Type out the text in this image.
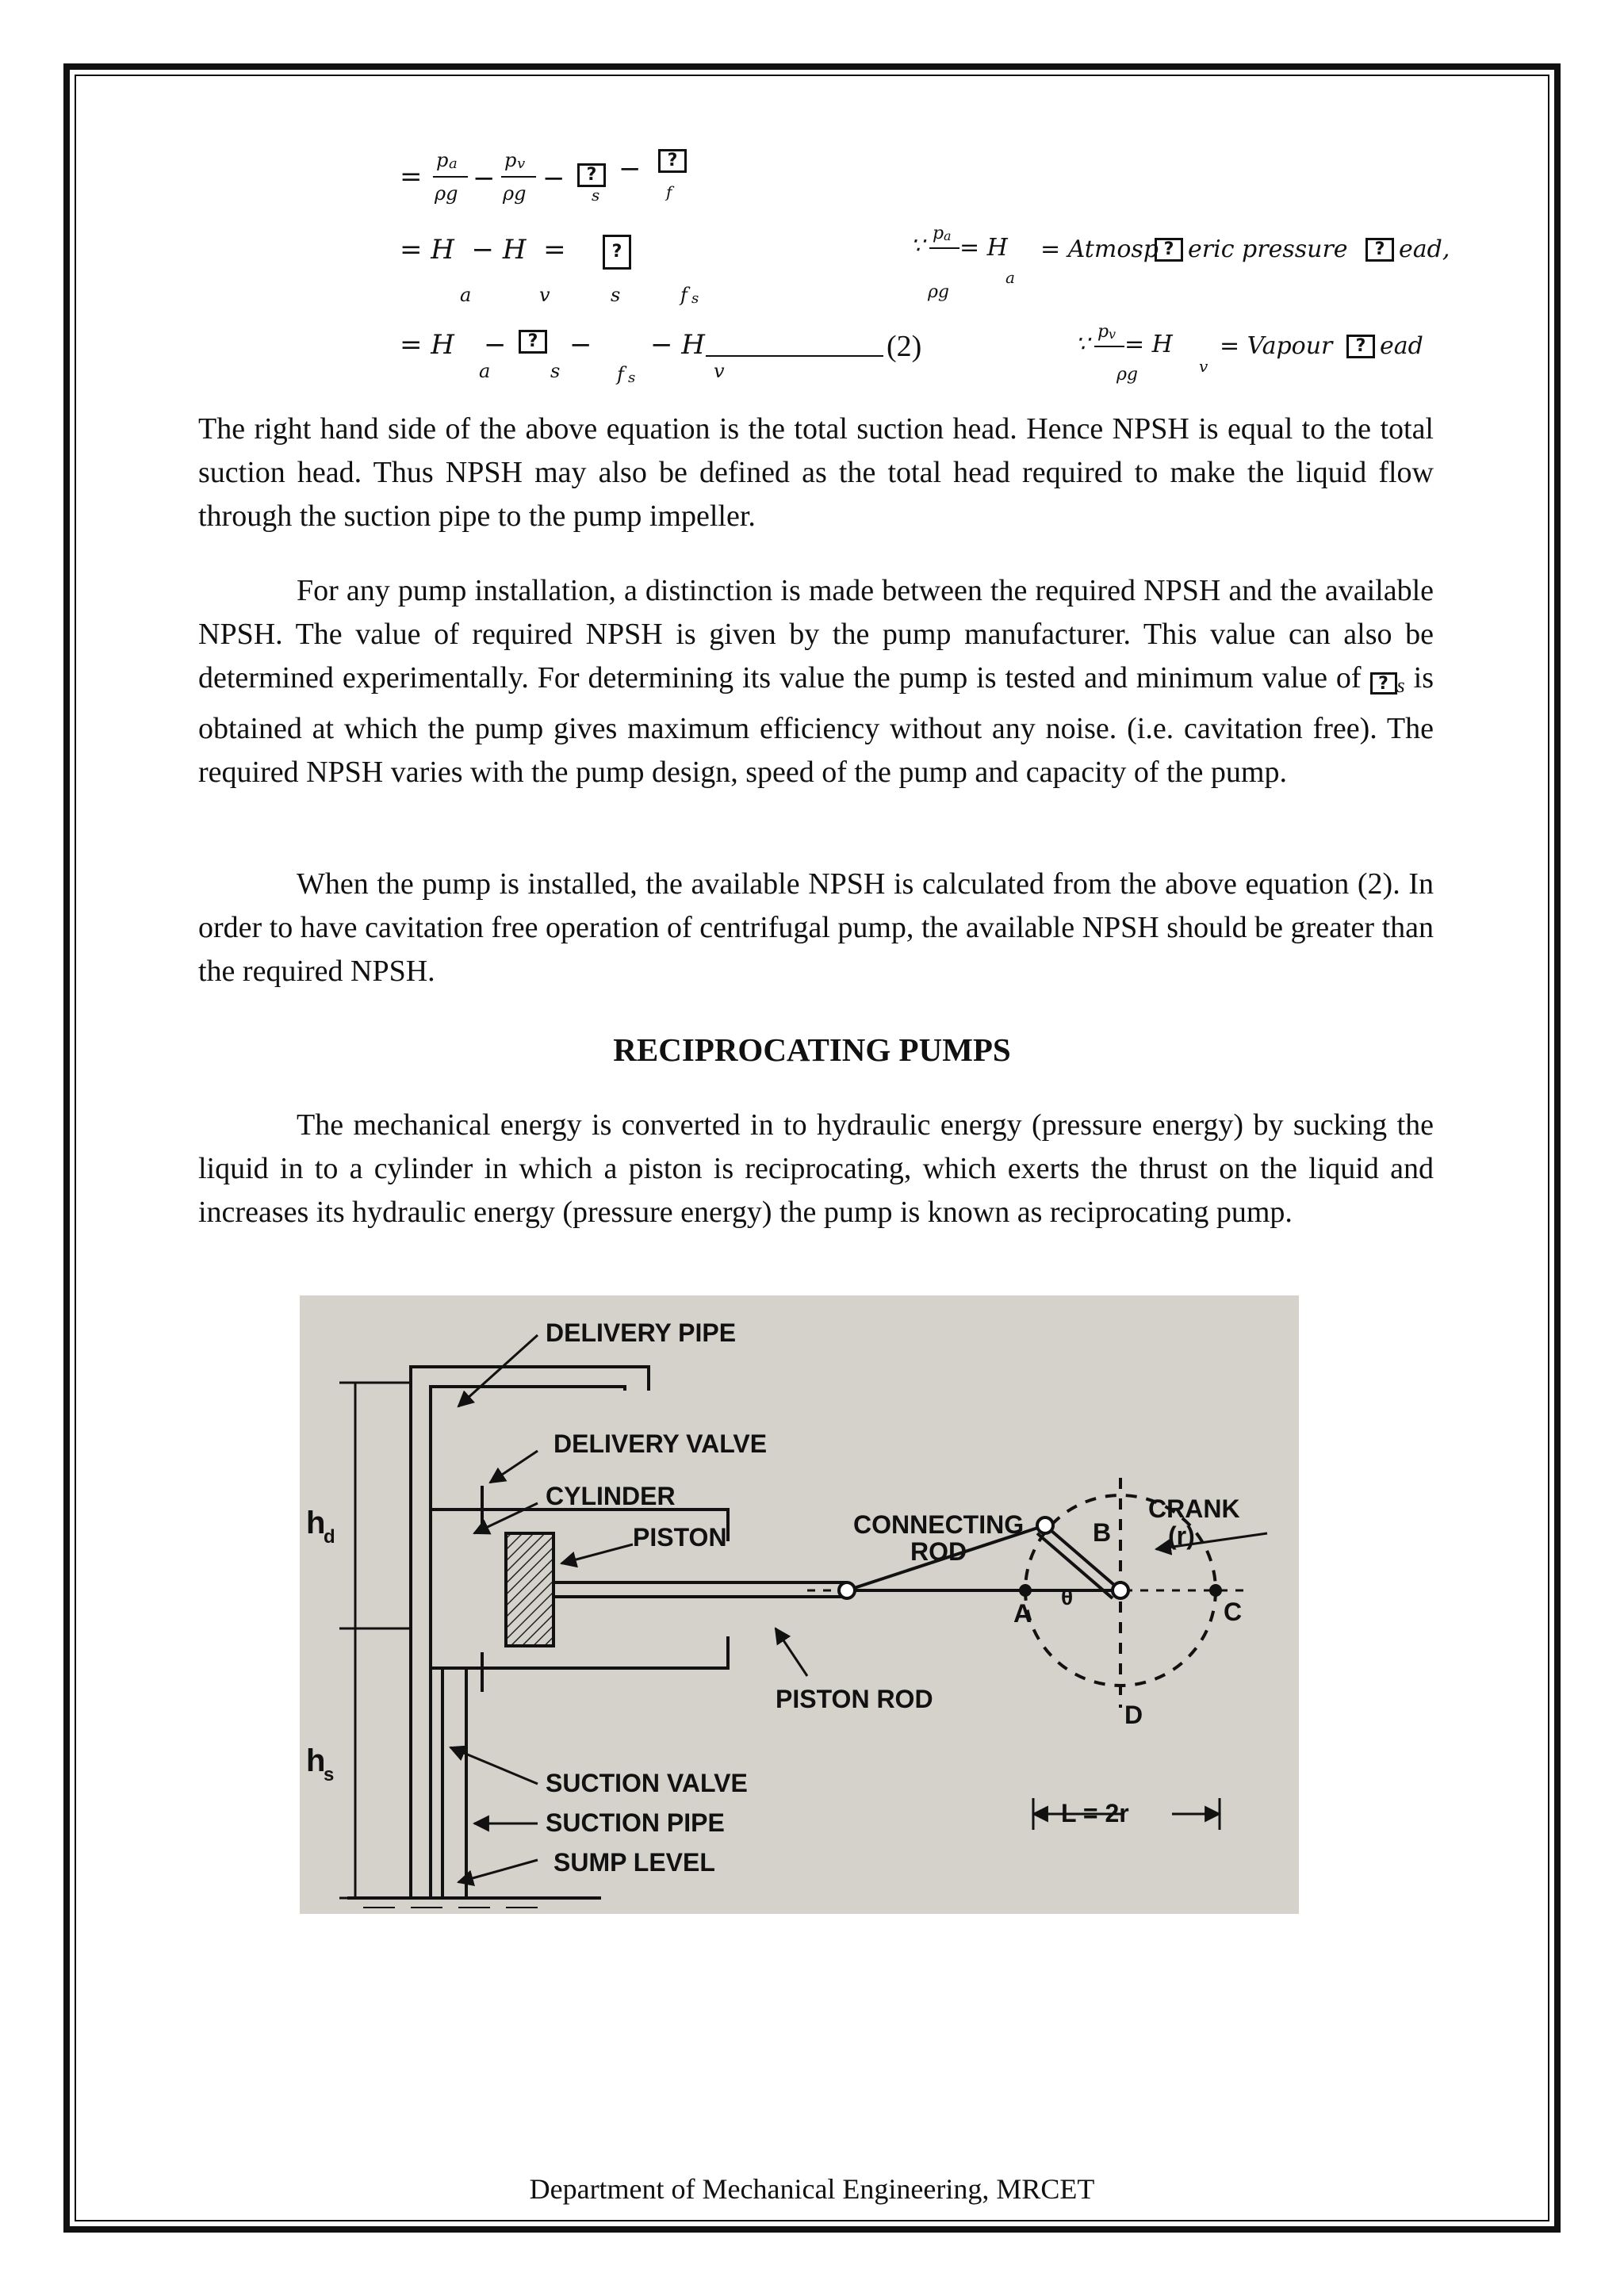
=
p a
ρg −
p v
ρg −	?
s
−	?
f
= H  − H  =
a	v
?
s	f s
∵ p a
ρg
= H
a
= Atmosp ? eric pressure	? ead,
= H
a
−	?
s
−
f s
− H
v
(2)	∵ p v
ρg
= H
v
= Vapour	? ead
The right hand side of the above equation is the total suction head. Hence NPSH is equal to the total suction head. Thus NPSH may also be defined as the total head required to make the liquid flow through the suction pipe to the pump impeller.
For any pump installation, a distinction is made between the required NPSH and the available NPSH. The value of required NPSH is given by the pump manufacturer. This value can also be determined experimentally. For determining its value the pump is tested and minimum value of ? s is obtained at which the pump gives maximum efficiency without any noise. (i.e. cavitation free). The required NPSH varies with the pump design, speed of the pump and capacity of the pump.
When the pump is installed, the available NPSH is calculated from the above equation (2). In order to have cavitation free operation of centrifugal pump, the available NPSH should be greater than the required NPSH.
RECIPROCATING PUMPS
The mechanical energy is converted in to hydraulic energy (pressure energy) by sucking the liquid in to a cylinder in which a piston is reciprocating, which exerts the thrust on the liquid and increases its hydraulic energy (pressure energy) the pump is known as reciprocating pump.
DELIVERY PIPE
DELIVERY VALVE
CYLINDER
PISTON	CONNECTING
ROD
CRANK
(r)
B
A	C
D
θ
PISTON ROD
SUCTION VALVE
SUCTION PIPE
SUMP LEVEL
L = 2r
h
d
h
s
Department of Mechanical Engineering, MRCET
